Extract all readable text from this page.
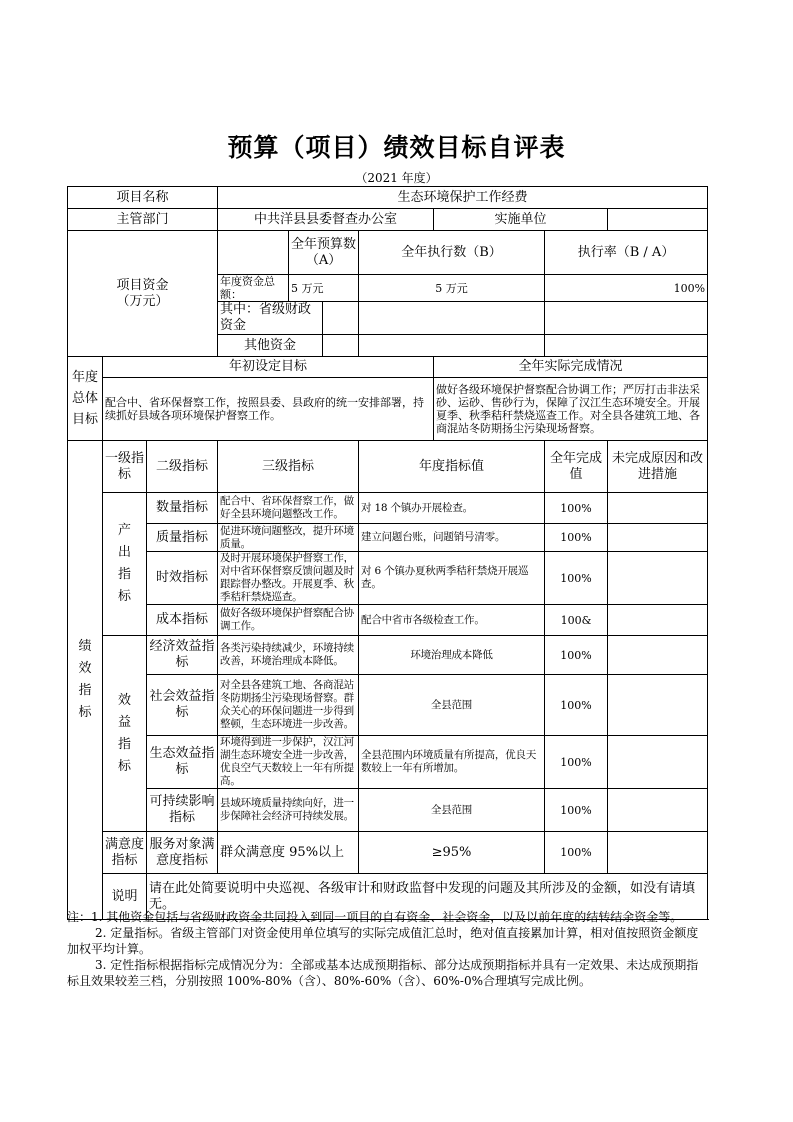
预算（项目）绩效目标自评表
（2021 年度）
项目名称			生态环境保护工作经费						
主管部门			中共洋县县委督查办公室				实施单位		

项目资金
（万元）				全年预算数（A）		全年执行数（B）		执行率（B / A）	
			年度资金总额：	5 万元		5 万元		100%	
			其中：省级财政资金						
			其他资金						
年度总体目标	年初设定目标						全年实际完成情况		
	配合中、省环保督察工作，按照县委、县政府的统一安排部署，持续抓好县域各项环境保护督察工作。						做好各级环境保护督察配合协调工作；严厉打击非法采砂、运砂、售砂行为，保障了汉江生态环境安全。开展夏季、秋季秸秆禁烧巡查工作。对全县各建筑工地、各商混站冬防期扬尘污染现场督察。		
绩效指标	一级指标	二级指标	三级指标			年度指标值		全年完成值	未完成原因和改进措施
	产出指标	数量指标	配合中、省环保督察工作，做好全县环境问题整改工作。			对 18 个镇办开展检查。		100%	
		质量指标	促进环境问题整改，提升环境质量。			建立问题台账，问题销号清零。		100%	
		时效指标	及时开展环境保护督察工作，对中省环保督察反馈问题及时跟踪督办整改。开展夏季、秋季秸秆禁烧巡查。			对 6 个镇办夏秋两季秸秆禁烧开展巡查。		100%	
		成本指标	做好各级环境保护督察配合协调工作。			配合中省市各级检查工作。		100&	
	效益指标	经济效益指标	各类污染持续减少，环境持续改善，环境治理成本降低。			环境治理成本降低		100%	
		社会效益指标	对全县各建筑工地、各商混站冬防期扬尘污染现场督察。群众关心的环保问题进一步得到整顿，生态环境进一步改善。			全县范围		100%	
		生态效益指标	环境得到进一步保护，汉江河湖生态环境安全进一步改善，优良空气天数较上一年有所提高。			全县范围内环境质量有所提高，优良天数较上一年有所增加。		100%	
		可持续影响指标	县域环境质量持续向好，进一步保障社会经济可持续发展。			全县范围		100%	
	满意度指标	服务对象满意度指标	群众满意度 95%以上			≥95%		100%	
	说明	请在此处简要说明中央巡视、各级审计和财政监督中发现的问题及其所涉及的金额，如没有请填无。							

注：1. 其他资金包括与省级财政资金共同投入到同一项目的自有资金、社会资金，以及以前年度的结转结余资金等。

2. 定量指标。省级主管部门对资金使用单位填写的实际完成值汇总时，绝对值直接累加计算，相对值按照资金额度加权平均计算。

3. 定性指标根据指标完成情况分为：全部或基本达成预期指标、部分达成预期指标并具有一定效果、未达成预期指标且效果较差三档，分别按照 100%-80%（含）、80%-60%（含）、60%-0%合理填写完成比例。
